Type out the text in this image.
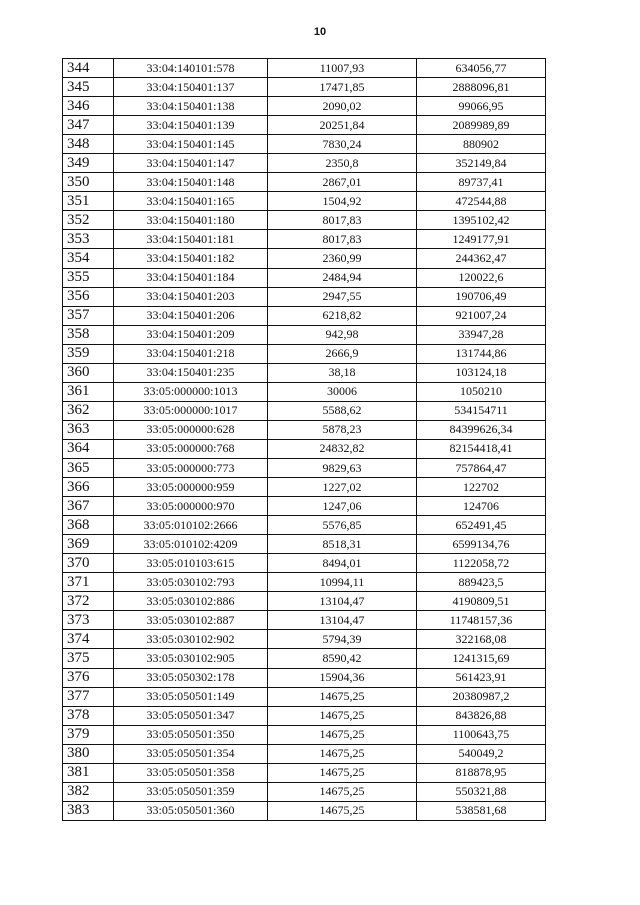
10
344	33:04:140101:578	11007,93	634056,77
345	33:04:150401:137	17471,85	2888096,81
346	33:04:150401:138	2090,02	99066,95
347	33:04:150401:139	20251,84	2089989,89
348	33:04:150401:145	7830,24	880902
349	33:04:150401:147	2350,8	352149,84
350	33:04:150401:148	2867,01	89737,41
351	33:04:150401:165	1504,92	472544,88
352	33:04:150401:180	8017,83	1395102,42
353	33:04:150401:181	8017,83	1249177,91
354	33:04:150401:182	2360,99	244362,47
355	33:04:150401:184	2484,94	120022,6
356	33:04:150401:203	2947,55	190706,49
357	33:04:150401:206	6218,82	921007,24
358	33:04:150401:209	942,98	33947,28
359	33:04:150401:218	2666,9	131744,86
360	33:04:150401:235	38,18	103124,18
361	33:05:000000:1013	30006	1050210
362	33:05:000000:1017	5588,62	534154711
363	33:05:000000:628	5878,23	84399626,34
364	33:05:000000:768	24832,82	82154418,41
365	33:05:000000:773	9829,63	757864,47
366	33:05:000000:959	1227,02	122702
367	33:05:000000:970	1247,06	124706
368	33:05:010102:2666	5576,85	652491,45
369	33:05:010102:4209	8518,31	6599134,76
370	33:05:010103:615	8494,01	1122058,72
371	33:05:030102:793	10994,11	889423,5
372	33:05:030102:886	13104,47	4190809,51
373	33:05:030102:887	13104,47	11748157,36
374	33:05:030102:902	5794,39	322168,08
375	33:05:030102:905	8590,42	1241315,69
376	33:05:050302:178	15904,36	561423,91
377	33:05:050501:149	14675,25	20380987,2
378	33:05:050501:347	14675,25	843826,88
379	33:05:050501:350	14675,25	1100643,75
380	33:05:050501:354	14675,25	540049,2
381	33:05:050501:358	14675,25	818878,95
382	33:05:050501:359	14675,25	550321,88
383	33:05:050501:360	14675,25	538581,68
